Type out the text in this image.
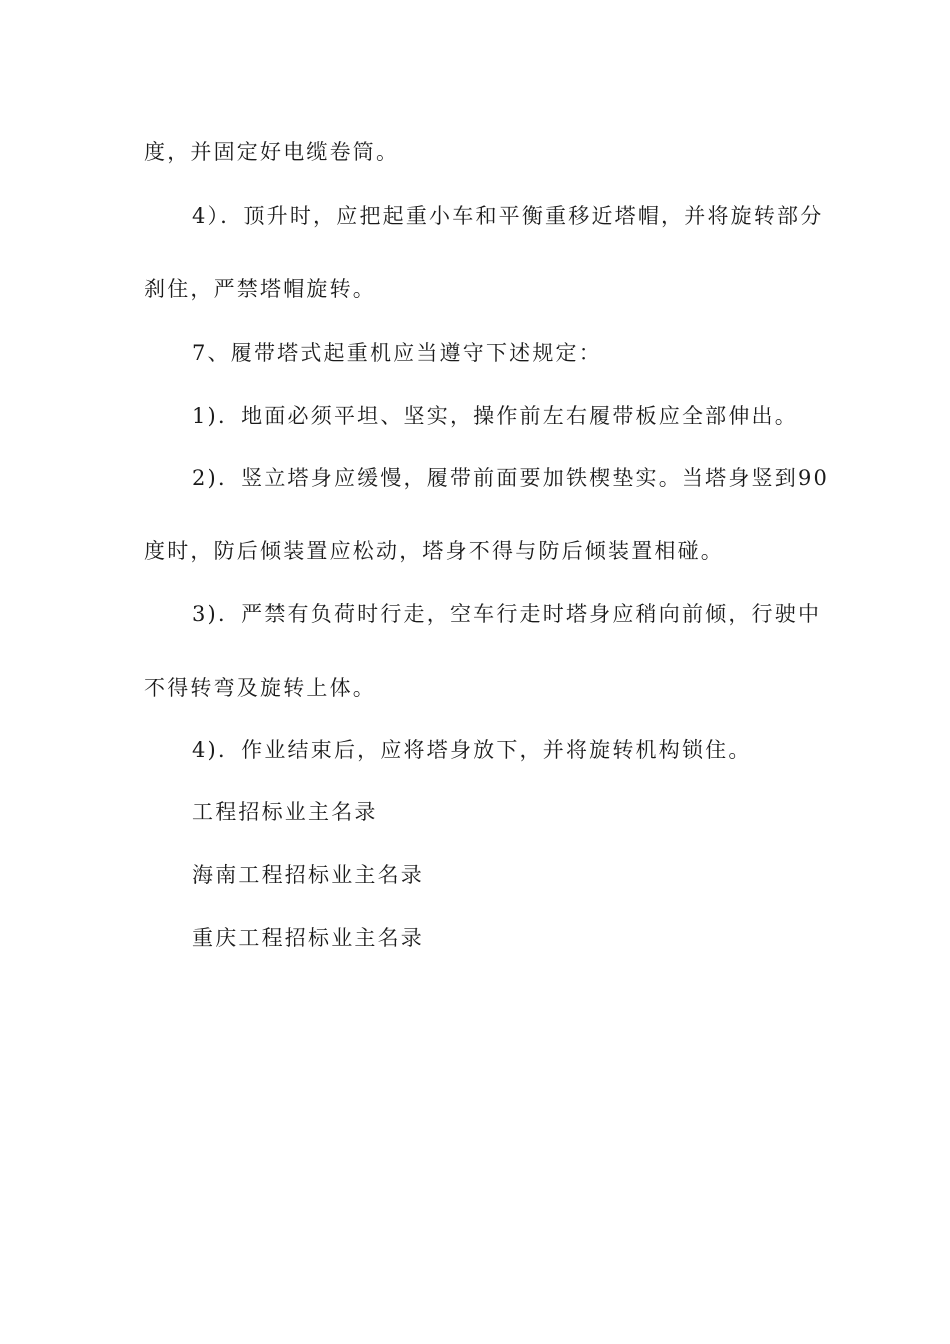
度，并固定好电缆卷筒。
4）．顶升时，应把起重小车和平衡重移近塔帽，并将旋转部分
刹住，严禁塔帽旋转。
7、履带塔式起重机应当遵守下述规定：
1)．地面必须平坦、坚实，操作前左右履带板应全部伸出。
2)．竖立塔身应缓慢，履带前面要加铁楔垫实。当塔身竖到90
度时，防后倾装置应松动，塔身不得与防后倾装置相碰。
3)．严禁有负荷时行走，空车行走时塔身应稍向前倾，行驶中
不得转弯及旋转上体。
4)．作业结束后，应将塔身放下，并将旋转机构锁住。
工程招标业主名录
海南工程招标业主名录
重庆工程招标业主名录
